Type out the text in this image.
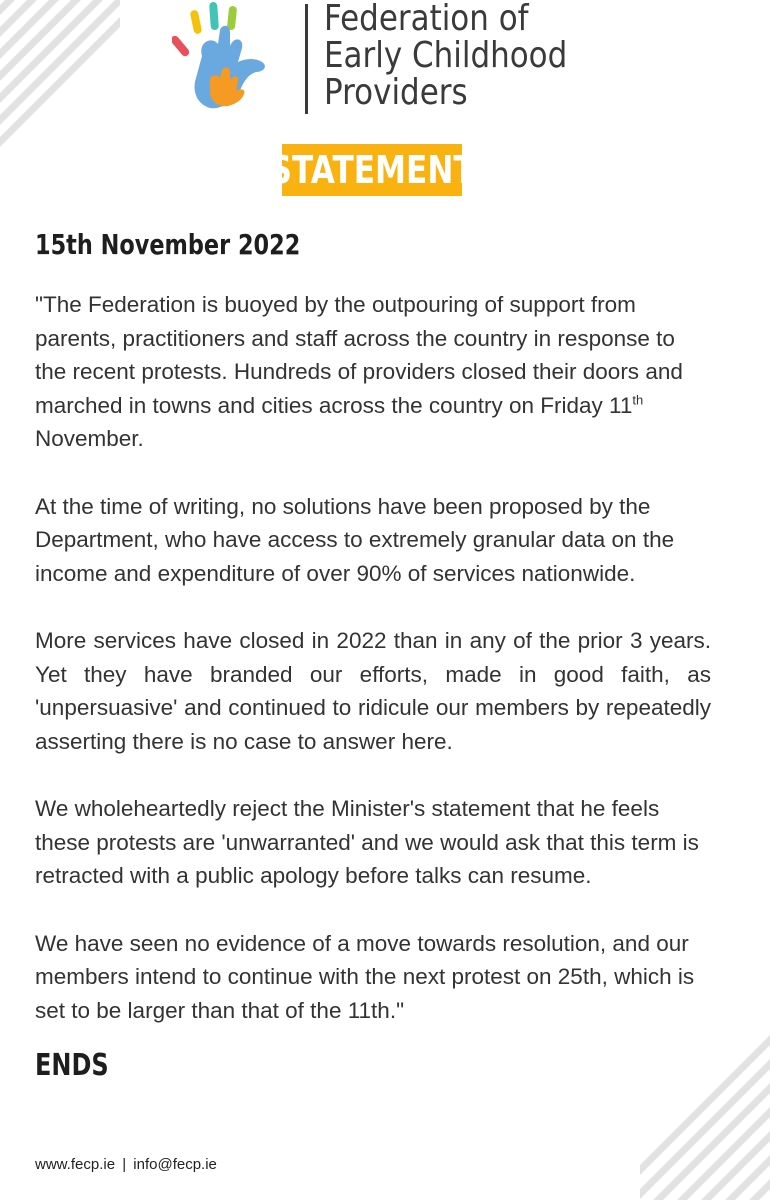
Federation of
Early Childhood
Providers
STATEMENT
15th November 2022

"The Federation is buoyed by the outpouring of support from parents, practitioners and staff across the country in response to the recent protests. Hundreds of providers closed their doors and marched in towns and cities across the country on Friday 11th November.

At the time of writing, no solutions have been proposed by the Department, who have access to extremely granular data on the income and expenditure of over 90% of services nationwide.

More services have closed in 2022 than in any of the prior 3 years. Yet they have branded our efforts, made in good faith, as 'unpersuasive' and continued to ridicule our members by repeatedly asserting there is no case to answer here.

We wholeheartedly reject the Minister's statement that he feels these protests are 'unwarranted' and we would ask that this term is retracted with a public apology before talks can resume.

We have seen no evidence of a move towards resolution, and our members intend to continue with the next protest on 25th, which is set to be larger than that of the 11th."

ENDS
www.fecp.ie | info@fecp.ie
